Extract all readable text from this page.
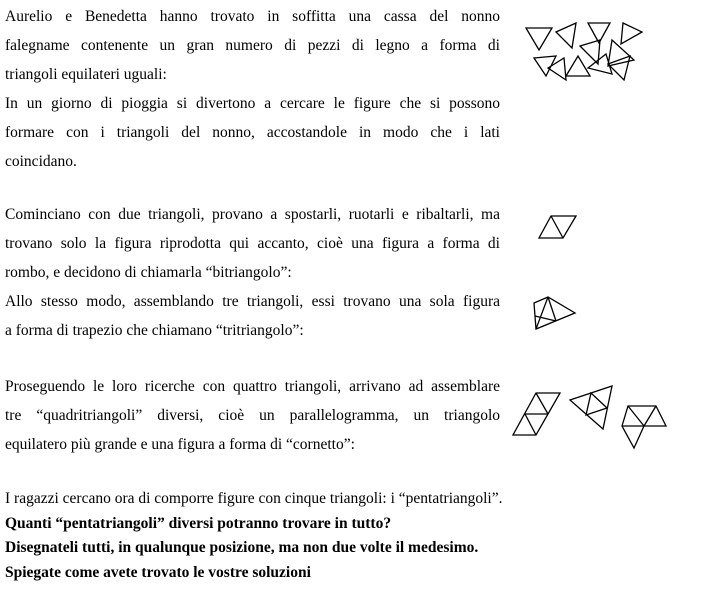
Aurelio e Benedetta hanno trovato in soffitta una cassa del nonno
falegname contenente un gran numero di pezzi di legno a forma di
triangoli equilateri uguali:
In un giorno di pioggia si divertono a cercare le figure che si possono
formare con i triangoli del nonno, accostandole in modo che i lati
coincidano.
Cominciano con due triangoli, provano a spostarli, ruotarli e ribaltarli, ma
trovano solo la figura riprodotta qui accanto, cioè una figura a forma di
rombo, e decidono di chiamarla “bitriangolo”:
Allo stesso modo, assemblando tre triangoli, essi trovano una sola figura
a forma di trapezio che chiamano “tritriangolo”:
Proseguendo le loro ricerche con quattro triangoli, arrivano ad assemblare
tre “quadritriangoli” diversi, cioè un parallelogramma, un triangolo
equilatero più grande e una figura a forma di “cornetto”:
I ragazzi cercano ora di comporre figure con cinque triangoli: i “pentatriangoli”.
Quanti “pentatriangoli” diversi potranno trovare in tutto?
Disegnateli tutti, in qualunque posizione, ma non due volte il medesimo.
Spiegate come avete trovato le vostre soluzioni
